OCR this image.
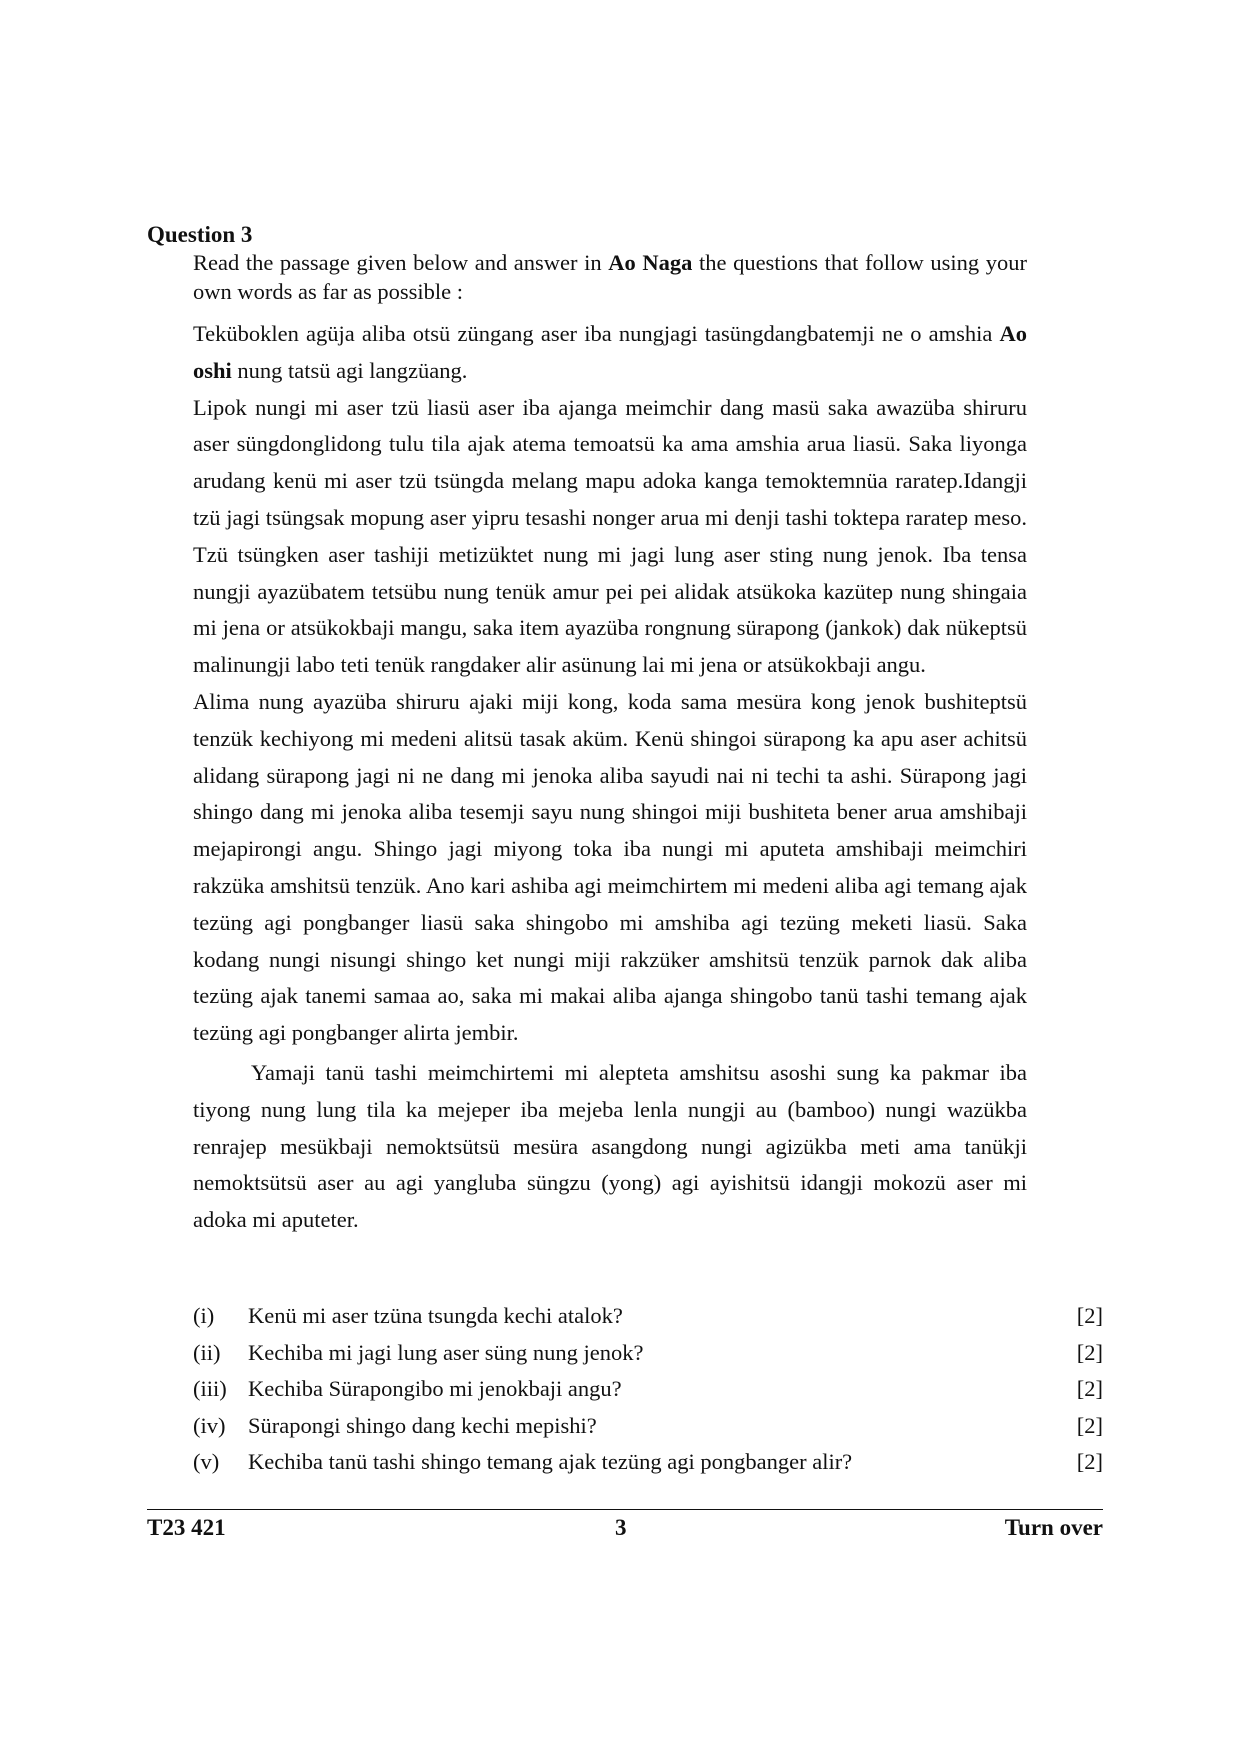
Question 3

Read the passage given below and answer in Ao Naga the questions that follow using your own words as far as possible :

Teküboklen agüja aliba otsü züngang aser iba nungjagi tasüngdangbatemji ne o amshia Ao oshi nung tatsü agi langzüang.

Lipok nungi mi aser tzü liasü aser iba ajanga meimchir dang masü saka awazüba shiruru aser süngdonglidong tulu tila ajak atema temoatsü ka ama amshia arua liasü. Saka liyonga arudang kenü mi aser tzü tsüngda melang mapu adoka kanga temoktemnüa raratep.Idangji tzü jagi tsüngsak mopung aser yipru tesashi nonger arua mi denji tashi toktepa raratep meso. Tzü tsüngken aser tashiji metizüktet nung mi jagi lung aser sting nung jenok. Iba tensa nungji ayazübatem tetsübu nung tenük amur pei pei alidak atsükoka kazütep nung shingaia mi jena or atsükokbaji mangu, saka item ayazüba rongnung sürapong (jankok) dak nükeptsü malinungji labo teti tenük rangdaker alir asünung lai mi jena or atsükokbaji angu.

Alima nung ayazüba shiruru ajaki miji kong, koda sama mesüra kong jenok bushiteptsü tenzük kechiyong mi medeni alitsü tasak aküm. Kenü shingoi sürapong ka apu aser achitsü alidang sürapong jagi ni ne dang mi jenoka aliba sayudi nai ni techi ta ashi. Sürapong jagi shingo dang mi jenoka aliba tesemji sayu nung shingoi miji bushiteta bener arua amshibaji mejapirongi angu. Shingo jagi miyong toka iba nungi mi aputeta amshibaji meimchiri rakzüka amshitsü tenzük. Ano kari ashiba agi meimchirtem mi medeni aliba agi temang ajak tezüng agi pongbanger liasü saka shingobo mi amshiba agi tezüng meketi liasü. Saka kodang nungi nisungi shingo ket nungi miji rakzüker amshitsü tenzük parnok dak aliba tezüng ajak tanemi samaa ao, saka mi makai aliba ajanga shingobo tanü tashi temang ajak tezüng agi pongbanger alirta jembir.

Yamaji tanü tashi meimchirtemi mi alepteta amshitsu asoshi sung ka pakmar iba tiyong nung lung tila ka mejeper iba mejeba lenla nungji au (bamboo) nungi wazükba renrajep mesükbaji nemoktsütsü mesüra asangdong nungi agizükba meti ama tanükji nemoktsütsü aser au agi yangluba süngzu (yong) agi ayishitsü idangji mokozü aser mi adoka mi aputeter.

(i) Kenü mi aser tzüna tsungda kechi atalok?	[2]
(ii) Kechiba mi jagi lung aser süng nung jenok?	[2]
(iii) Kechiba Sürapongibo mi jenokbaji angu?	[2]
(iv) Sürapongi shingo dang kechi mepishi?	[2]
(v) Kechiba tanü tashi shingo temang ajak tezüng agi pongbanger alir?	[2]
T23 421	3	Turn over
